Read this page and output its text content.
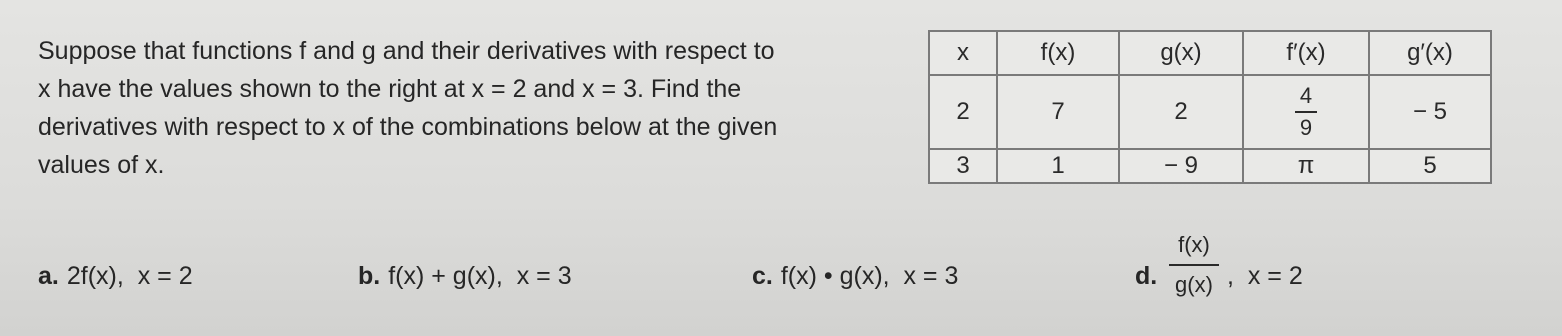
Suppose that functions f and g and their derivatives with respect to
x have the values shown to the right at x = 2 and x = 3. Find the
derivatives with respect to x of the combinations below at the given
values of x.
x	f(x)	g(x)	f′(x)	g′(x)
2	7	2	$\frac{4}{9}$	− 5
3	1	− 9	π	5
a. 2f(x),  x = 2	b. f(x) + g(x),  x = 3	c. f(x) • g(x),  x = 3	d.
f(x)
g(x) ,  x = 2
